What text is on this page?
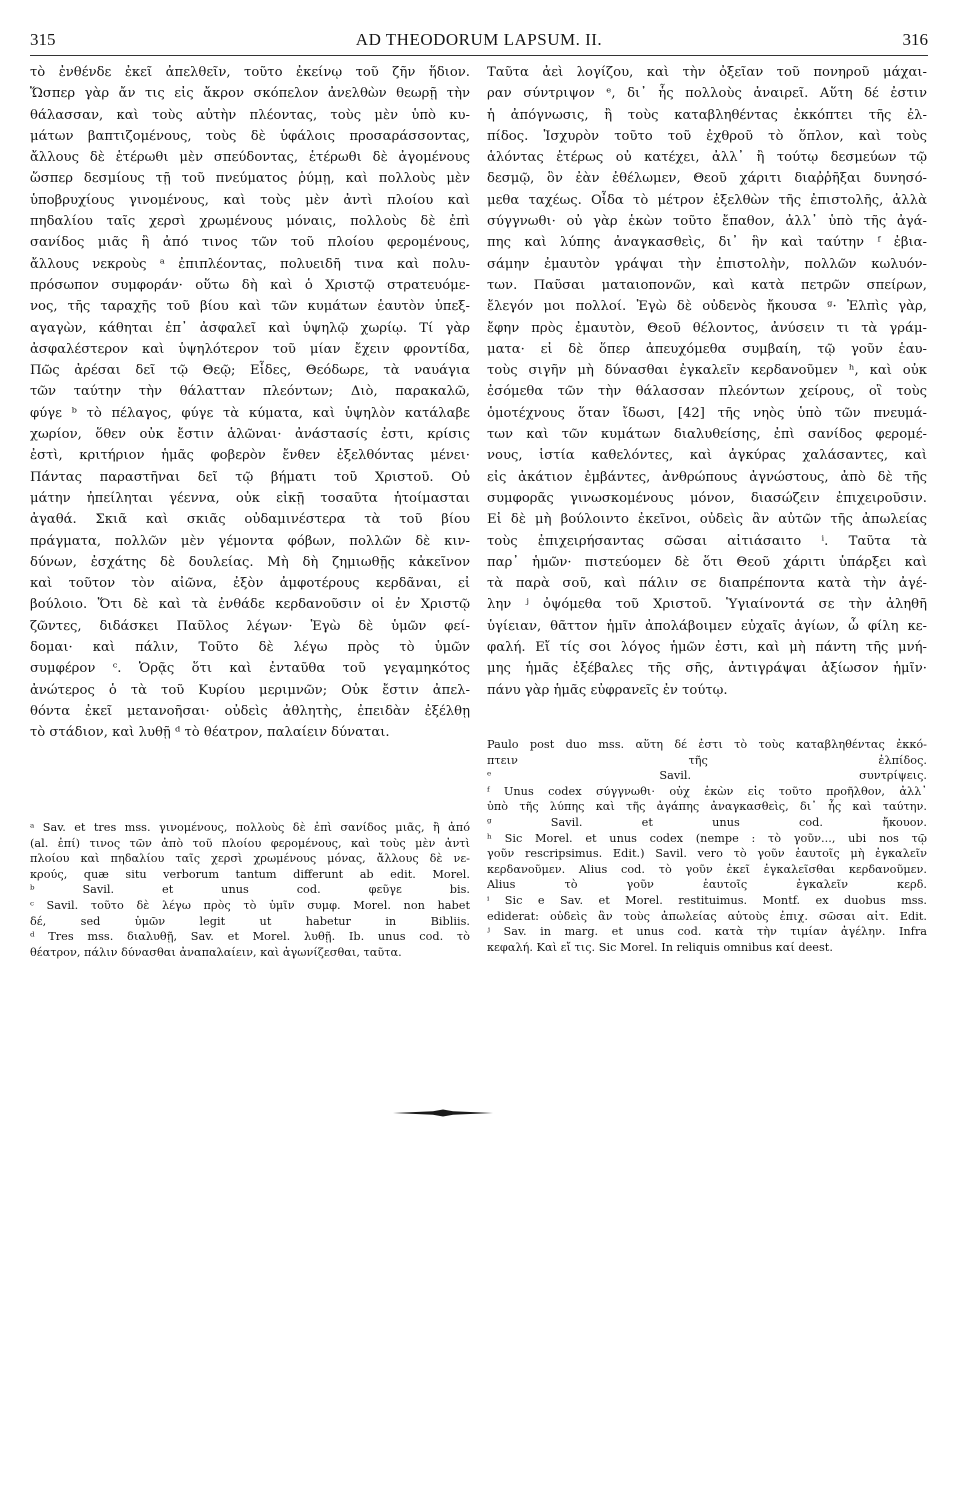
315	AD THEODORUM LAPSUM. II.	316
τὸ ἐνθένδε ἐκεῖ ἀπελθεῖν, τοῦτο ἐκείνῳ τοῦ ζῆν ἥδιον.
Ὥσπερ γὰρ ἄν τις εἰς ἄκρον σκόπελον ἀνελθὼν θεωρῇ τὴν
θάλασσαν, καὶ τοὺς αὐτὴν πλέοντας, τοὺς μὲν ὑπὸ κυ-
μάτων βαπτιζομένους, τοὺς δὲ ὑφάλοις προσαράσσοντας,
ἄλλους δὲ ἑτέρωθι μὲν σπεύδοντας, ἑτέρωθι δὲ ἀγομένους
ὥσπερ δεσμίους τῇ τοῦ πνεύματος ῥύμῃ, καὶ πολλοὺς μὲν
ὑποβρυχίους γινομένους, καὶ τοὺς μὲν ἀντὶ πλοίου καὶ
πηδαλίου ταῖς χερσὶ χρωμένους μόναις, πολλοὺς δὲ ἐπὶ
σανίδος μιᾶς ἢ ἀπό τινος τῶν τοῦ πλοίου φερομένους,
ἄλλους νεκροὺς ᵃ ἐπιπλέοντας, πολυειδῆ τινα καὶ πολυ-
πρόσωπον συμφοράν· οὕτω δὴ καὶ ὁ Χριστῷ στρατευόμε-
νος, τῆς ταραχῆς τοῦ βίου καὶ τῶν κυμάτων ἑαυτὸν ὑπεξ-
αγαγὼν, κάθηται ἐπ᾽ ἀσφαλεῖ καὶ ὑψηλῷ χωρίῳ. Τί γὰρ
ἀσφαλέστερον καὶ ὑψηλότερον τοῦ μίαν ἔχειν φροντίδα,
Πῶς ἀρέσαι δεῖ τῷ Θεῷ; Εἶδες, Θεόδωρε, τὰ ναυάγια
τῶν ταύτην τὴν θάλατταν πλεόντων; Διὸ, παρακαλῶ,
φύγε ᵇ τὸ πέλαγος, φύγε τὰ κύματα, καὶ ὑψηλὸν κατάλαβε
χωρίον, ὅθεν οὐκ ἔστιν ἁλῶναι· ἀνάστασίς ἐστι, κρίσις
ἐστὶ, κριτήριον ἡμᾶς φοβερὸν ἔνθεν ἐξελθόντας μένει·
Πάντας παραστῆναι δεῖ τῷ βήματι τοῦ Χριστοῦ. Οὐ
μάτην ἠπείληται γέεννα, οὐκ εἰκῇ τοσαῦτα ἡτοίμασται
ἀγαθά. Σκιᾶ καὶ σκιᾶς οὐδαμινέστερα τὰ τοῦ βίου
πράγματα, πολλῶν μὲν γέμοντα φόβων, πολλῶν δὲ κιν-
δύνων, ἐσχάτης δὲ δουλείας. Μὴ δὴ ζημιωθῇς κἀκεῖνον
καὶ τοῦτον τὸν αἰῶνα, ἐξὸν ἀμφοτέρους κερδᾶναι, εἰ
βούλοιο. Ὅτι δὲ καὶ τὰ ἐνθάδε κερδανοῦσιν οἱ ἐν Χριστῷ
ζῶντες, διδάσκει Παῦλος λέγων· Ἐγὼ δὲ ὑμῶν φεί-
δομαι· καὶ πάλιν, Τοῦτο δὲ λέγω πρὸς τὸ ὑμῶν
συμφέρον ᶜ. Ὁρᾷς ὅτι καὶ ἐνταῦθα τοῦ γεγαμηκότος
ἀνώτερος ὁ τὰ τοῦ Κυρίου μεριμνῶν; Οὐκ ἔστιν ἀπελ-
θόντα ἐκεῖ μετανοῆσαι· οὐδεὶς ἀθλητὴς, ἐπειδὰν ἐξέλθῃ
τὸ στάδιον, καὶ λυθῇ ᵈ τὸ θέατρον, παλαίειν δύναται.
ᵃ Sav. et tres mss. γινομένους, πολλοὺς δὲ ἐπὶ σανίδος μιᾶς, ἢ ἀπό
(al. ἐπί) τινος τῶν ἀπὸ τοῦ πλοίου φερομένους, καὶ τοὺς μὲν ἀντὶ
πλοίου καὶ πηδαλίου ταῖς χερσὶ χρωμένους μόνας, ἄλλους δὲ νε-
κρούς, quæ situ verborum tantum differunt ab edit. Morel.
ᵇ Savil. et unus cod. φεῦγε bis.
ᶜ Savil. τοῦτο δὲ λέγω πρὸς τὸ ὑμῖν συμφ. Morel. non habet
δέ, sed ὑμῶν legit ut habetur in Bibliis.
ᵈ Tres mss. διαλυθῇ, Sav. et Morel. λυθῇ. Ib. unus cod. τὸ
θέατρον, πάλιν δύνασθαι ἀναπαλαίειν, καὶ ἀγωνίζεσθαι, ταῦτα.
Ταῦτα ἀεὶ λογίζου, καὶ τὴν ὀξεῖαν τοῦ πονηροῦ μάχαι-
ραν σύντριψον ᵉ, δι᾽ ἧς πολλοὺς ἀναιρεῖ. Αὕτη δέ ἐστιν
ἡ ἀπόγνωσις, ἢ τοὺς καταβληθέντας ἐκκόπτει τῆς ἐλ-
πίδος. Ἰσχυρὸν τοῦτο τοῦ ἐχθροῦ τὸ ὅπλον, καὶ τοὺς
ἁλόντας ἑτέρως οὐ κατέχει, ἀλλ᾽ ἢ τούτῳ δεσμεύων τῷ
δεσμῷ, ὃν ἐὰν ἐθέλωμεν, Θεοῦ χάριτι διαῤῥῆξαι δυνησό-
μεθα ταχέως. Οἶδα τὸ μέτρον ἐξελθὼν τῆς ἐπιστολῆς, ἀλλὰ
σύγγνωθι· οὐ γὰρ ἑκὼν τοῦτο ἔπαθον, ἀλλ᾽ ὑπὸ τῆς ἀγά-
πης καὶ λύπης ἀναγκασθεὶς, δι᾽ ἣν καὶ ταύτην ᶠ ἐβια-
σάμην ἐμαυτὸν γράψαι τὴν ἐπιστολὴν, πολλῶν κωλυόν-
των. Παῦσαι ματαιοπονῶν, καὶ κατὰ πετρῶν σπείρων,
ἔλεγόν μοι πολλοί. Ἐγὼ δὲ οὐδενὸς ἤκουσα ᵍ· Ἐλπὶς γὰρ,
ἔφην πρὸς ἐμαυτὸν, Θεοῦ θέλοντος, ἀνύσειν τι τὰ γράμ-
ματα· εἰ δὲ ὅπερ ἀπευχόμεθα συμβαίη, τῷ γοῦν ἑαυ-
τοὺς σιγῆν μὴ δύνασθαι ἐγκαλεῖν κερδανοῦμεν ʰ, καὶ οὐκ
ἐσόμεθα τῶν τὴν θάλασσαν πλεόντων χείρους, οἳ τοὺς
ὁμοτέχνους ὅταν ἴδωσι, [42] τῆς νηὸς ὑπὸ τῶν πνευμά-
των καὶ τῶν κυμάτων διαλυθείσης, ἐπὶ σανίδος φερομέ-
νους, ἱστία καθελόντες, καὶ ἀγκύρας χαλάσαντες, καὶ
εἰς ἀκάτιον ἐμβάντες, ἀνθρώπους ἀγνώστους, ἀπὸ δὲ τῆς
συμφορᾶς γινωσκομένους μόνον, διασώζειν ἐπιχειροῦσιν.
Εἰ δὲ μὴ βούλοιντο ἐκεῖνοι, οὐδεὶς ἂν αὐτῶν τῆς ἀπωλείας
τοὺς ἐπιχειρήσαντας σῶσαι αἰτιάσαιτο ⁱ. Ταῦτα τὰ
παρ᾽ ἡμῶν· πιστεύομεν δὲ ὅτι Θεοῦ χάριτι ὑπάρξει καὶ
τὰ παρὰ σοῦ, καὶ πάλιν σε διαπρέποντα κατὰ τὴν ἀγέ-
λην ʲ ὀψόμεθα τοῦ Χριστοῦ. Ὑγιαίνοντά σε τὴν ἀληθῆ
ὑγίειαν, θᾶττον ἡμῖν ἀπολάβοιμεν εὐχαῖς ἁγίων, ὦ φίλη κε-
φαλή. Εἴ τίς σοι λόγος ἡμῶν ἐστι, καὶ μὴ πάντη τῆς μνή-
μης ἡμᾶς ἐξέβαλες τῆς σῆς, ἀντιγράψαι ἀξίωσον ἡμῖν·
πάνυ γὰρ ἡμᾶς εὐφρανεῖς ἐν τούτῳ.
Paulo post duo mss. αὕτη δέ ἐστι τὸ τοὺς καταβληθέντας ἐκκό-
πτειν τῆς ἐλπίδος.
ᵉ Savil. συντρίψεις.
ᶠ Unus codex σύγγνωθι· οὐχ ἑκὼν εἰς τοῦτο προῆλθον, ἀλλ᾽
ὑπὸ τῆς λύπης καὶ τῆς ἀγάπης ἀναγκασθεὶς, δι᾽ ἧς καὶ ταύτην.
ᵍ Savil. et unus cod. ἤκουον.
ʰ Sic Morel. et unus codex (nempe : τὸ γοῦν..., ubi nos τῷ
γοῦν rescripsimus. Edit.) Savil. vero τὸ γοῦν ἑαυτοῖς μὴ ἐγκαλεῖν
κερδανοῦμεν. Alius cod. τὸ γοῦν ἐκεῖ ἐγκαλεῖσθαι κερδανοῦμεν.
Alius τὸ γοῦν ἑαυτοῖς ἐγκαλεῖν κερδ.
ⁱ Sic e Sav. et Morel. restituimus. Montf. ex duobus mss.
ediderat: οὐδεὶς ἂν τοὺς ἀπωλείας αὐτοὺς ἐπιχ. σῶσαι αἰτ. Edit.
ʲ Sav. in marg. et unus cod. κατὰ τὴν τιμίαν ἀγέλην. Infra
κεφαλή. Καὶ εἴ τις. Sic Morel. In reliquis omnibus καί deest.
